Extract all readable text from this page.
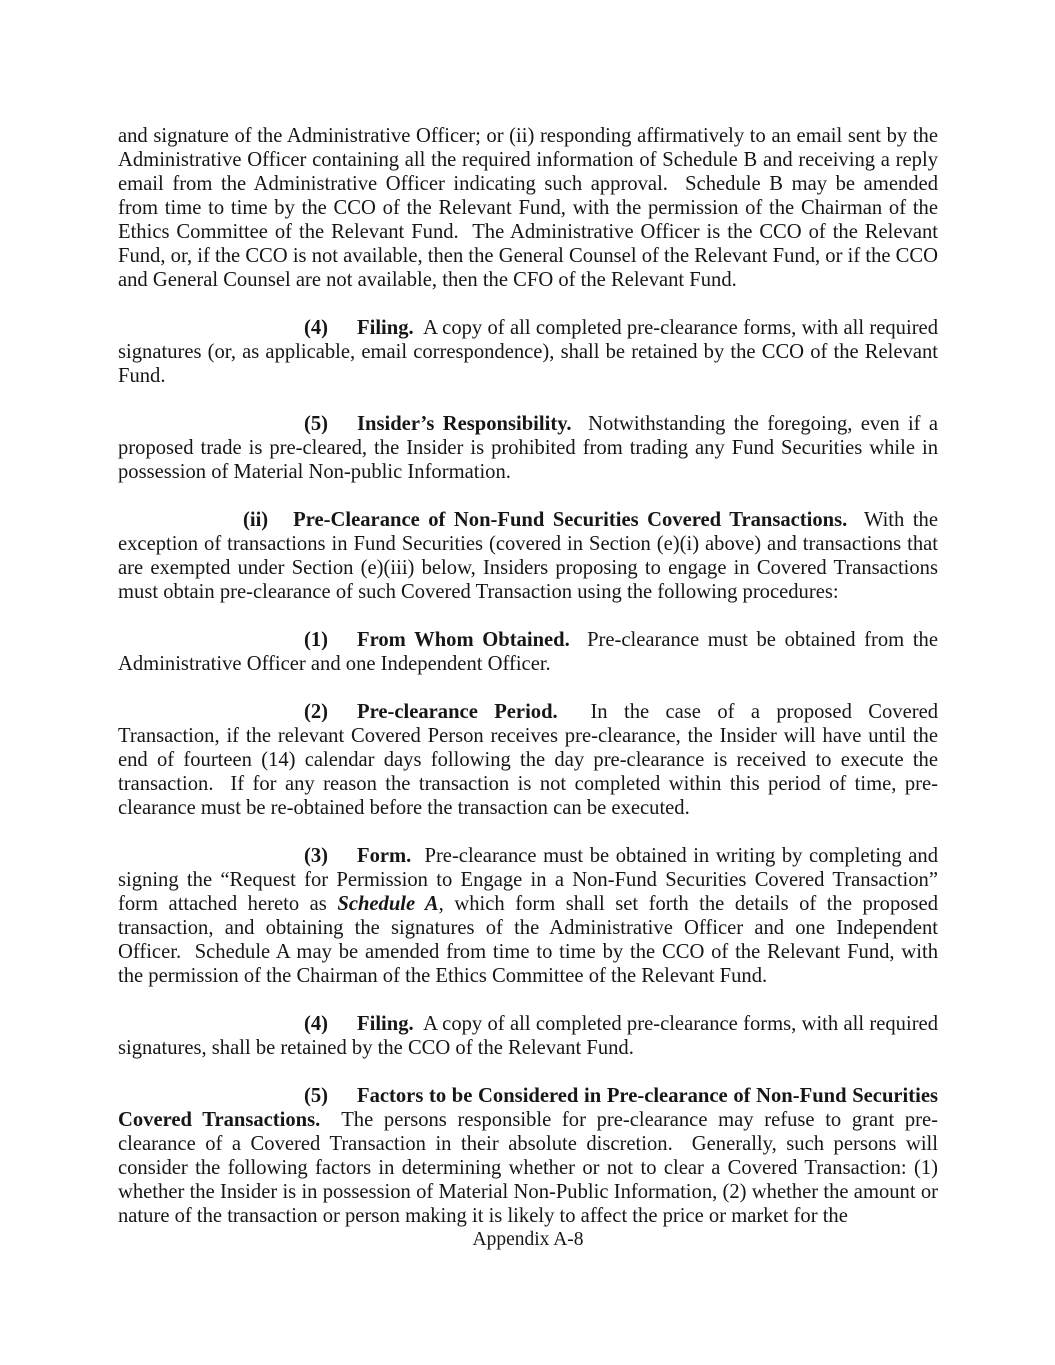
and signature of the Administrative Officer; or (ii) responding affirmatively to an email sent by the Administrative Officer containing all the required information of Schedule B and receiving a reply email from the Administrative Officer indicating such approval.  Schedule B may be amended from time to time by the CCO of the Relevant Fund, with the permission of the Chairman of the Ethics Committee of the Relevant Fund.  The Administrative Officer is the CCO of the Relevant Fund, or, if the CCO is not available, then the General Counsel of the Relevant Fund, or if the CCO and General Counsel are not available, then the CFO of the Relevant Fund.

(4) Filing.  A copy of all completed pre-clearance forms, with all required signatures (or, as applicable, email correspondence), shall be retained by the CCO of the Relevant Fund.

(5) Insider’s Responsibility.  Notwithstanding the foregoing, even if a proposed trade is pre-cleared, the Insider is prohibited from trading any Fund Securities while in possession of Material Non-public Information.

(ii) Pre-Clearance of Non-Fund Securities Covered Transactions.  With the exception of transactions in Fund Securities (covered in Section (e)(i) above) and transactions that are exempted under Section (e)(iii) below, Insiders proposing to engage in Covered Transactions must obtain pre-clearance of such Covered Transaction using the following procedures:

(1) From Whom Obtained.  Pre-clearance must be obtained from the Administrative Officer and one Independent Officer.

(2) Pre-clearance Period.  In the case of a proposed Covered Transaction, if the relevant Covered Person receives pre-clearance, the Insider will have until the end of fourteen (14) calendar days following the day pre-clearance is received to execute the transaction.  If for any reason the transaction is not completed within this period of time, pre-clearance must be re-obtained before the transaction can be executed.

(3) Form.  Pre-clearance must be obtained in writing by completing and signing the “Request for Permission to Engage in a Non-Fund Securities Covered Transaction” form attached hereto as Schedule A, which form shall set forth the details of the proposed transaction, and obtaining the signatures of the Administrative Officer and one Independent Officer.  Schedule A may be amended from time to time by the CCO of the Relevant Fund, with the permission of the Chairman of the Ethics Committee of the Relevant Fund.

(4) Filing.  A copy of all completed pre-clearance forms, with all required signatures, shall be retained by the CCO of the Relevant Fund.

(5) Factors to be Considered in Pre-clearance of Non-Fund Securities Covered Transactions.  The persons responsible for pre-clearance may refuse to grant pre-clearance of a Covered Transaction in their absolute discretion.  Generally, such persons will consider the following factors in determining whether or not to clear a Covered Transaction: (1) whether the Insider is in possession of Material Non-Public Information, (2) whether the amount or nature of the transaction or person making it is likely to affect the price or market for the

Appendix A-8
